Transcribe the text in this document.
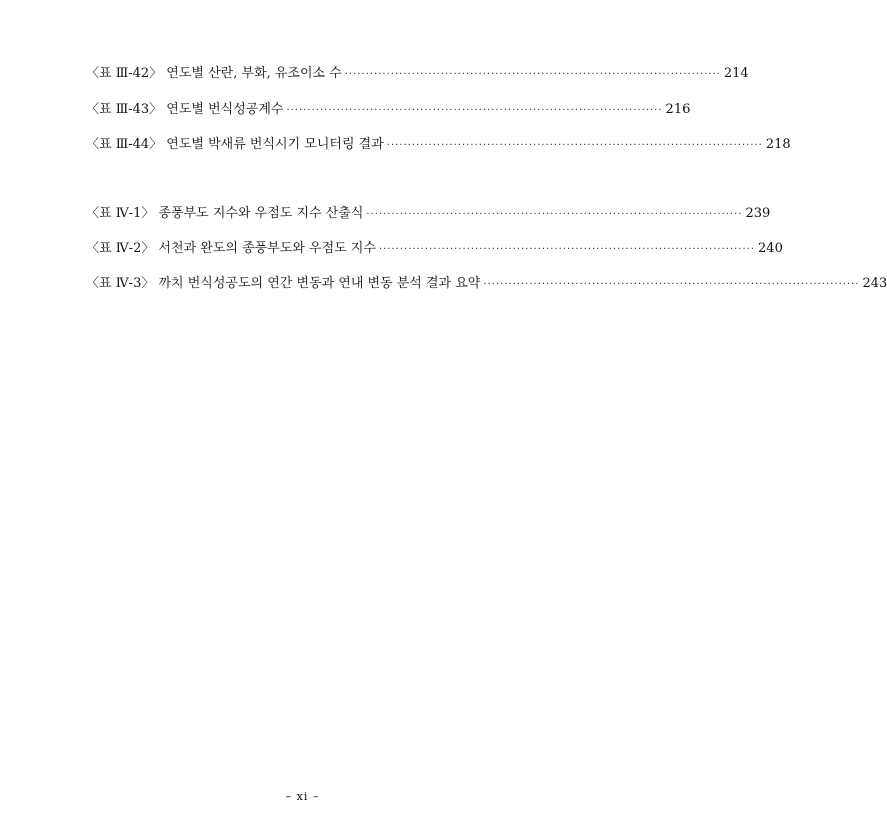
〈표 Ⅲ-42〉 연도별 산란, 부화, 유조이소 수 ·························································································· 214
〈표 Ⅲ-43〉 연도별 번식성공계수 ·························································································· 216
〈표 Ⅲ-44〉 연도별 박새류 번식시기 모니터링 결과 ·························································································· 218
〈표 Ⅳ-1〉 종풍부도 지수와 우점도 지수 산출식 ·························································································· 239
〈표 Ⅳ-2〉 서천과 완도의 종풍부도와 우점도 지수 ·························································································· 240
〈표 Ⅳ-3〉 까치 번식성공도의 연간 변동과 연내 변동 분석 결과 요약 ·························································································· 243
– xi –
